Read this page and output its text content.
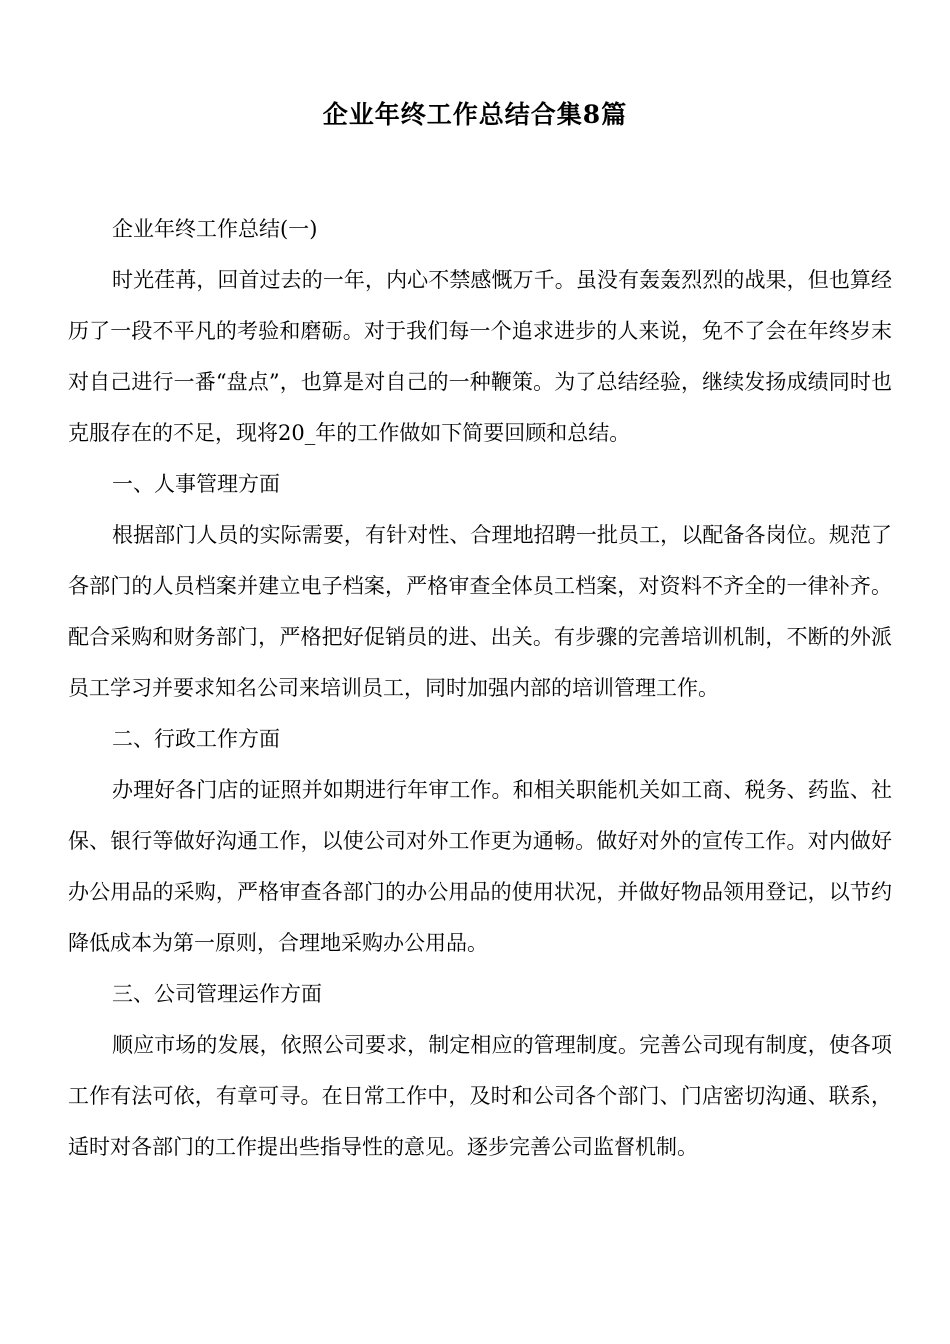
企业年终工作总结合集8篇

企业年终工作总结(一)

时光荏苒，回首过去的一年，内心不禁感慨万千。虽没有轰轰烈烈的战果，但也算经历了一段不平凡的考验和磨砺。对于我们每一个追求进步的人来说，免不了会在年终岁末对自己进行一番“盘点”，也算是对自己的一种鞭策。为了总结经验，继续发扬成绩同时也克服存在的不足，现将20_年的工作做如下简要回顾和总结。

一、人事管理方面

根据部门人员的实际需要，有针对性、合理地招聘一批员工，以配备各岗位。规范了各部门的人员档案并建立电子档案，严格审查全体员工档案，对资料不齐全的一律补齐。配合采购和财务部门，严格把好促销员的进、出关。有步骤的完善培训机制，不断的外派员工学习并要求知名公司来培训员工，同时加强内部的培训管理工作。

二、行政工作方面

办理好各门店的证照并如期进行年审工作。和相关职能机关如工商、税务、药监、社保、银行等做好沟通工作，以使公司对外工作更为通畅。做好对外的宣传工作。对内做好办公用品的采购，严格审查各部门的办公用品的使用状况，并做好物品领用登记，以节约降低成本为第一原则，合理地采购办公用品。

三、公司管理运作方面

顺应市场的发展，依照公司要求，制定相应的管理制度。完善公司现有制度，使各项工作有法可依，有章可寻。在日常工作中，及时和公司各个部门、门店密切沟通、联系，适时对各部门的工作提出些指导性的意见。逐步完善公司监督机制。
